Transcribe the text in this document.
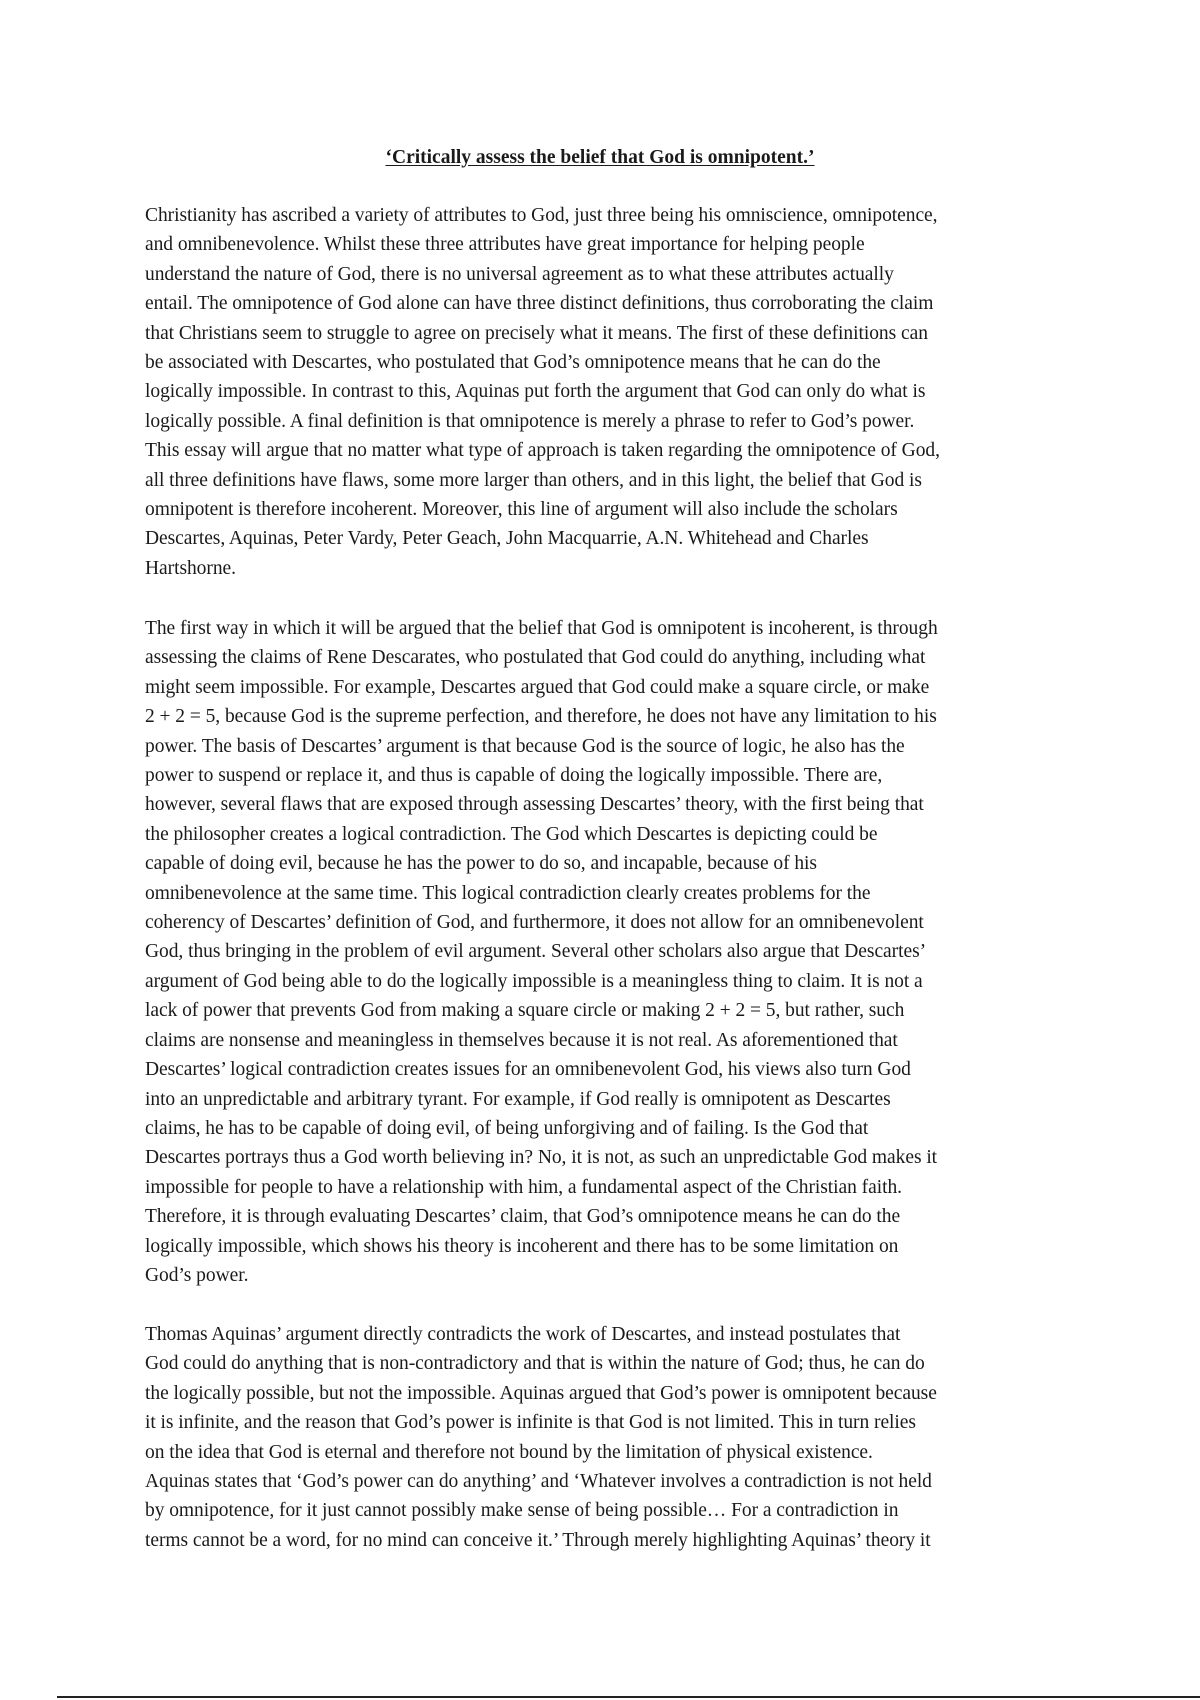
‘Critically assess the belief that God is omnipotent.’

Christianity has ascribed a variety of attributes to God, just three being his omniscience, omnipotence,
and omnibenevolence. Whilst these three attributes have great importance for helping people
understand the nature of God, there is no universal agreement as to what these attributes actually
entail. The omnipotence of God alone can have three distinct definitions, thus corroborating the claim
that Christians seem to struggle to agree on precisely what it means. The first of these definitions can
be associated with Descartes, who postulated that God’s omnipotence means that he can do the
logically impossible. In contrast to this, Aquinas put forth the argument that God can only do what is
logically possible. A final definition is that omnipotence is merely a phrase to refer to God’s power.
This essay will argue that no matter what type of approach is taken regarding the omnipotence of God,
all three definitions have flaws, some more larger than others, and in this light, the belief that God is
omnipotent is therefore incoherent. Moreover, this line of argument will also include the scholars
Descartes, Aquinas, Peter Vardy, Peter Geach, John Macquarrie, A.N. Whitehead and Charles
Hartshorne.

The first way in which it will be argued that the belief that God is omnipotent is incoherent, is through
assessing the claims of Rene Descarates, who postulated that God could do anything, including what
might seem impossible. For example, Descartes argued that God could make a square circle, or make
2 + 2 = 5, because God is the supreme perfection, and therefore, he does not have any limitation to his
power. The basis of Descartes’ argument is that because God is the source of logic, he also has the
power to suspend or replace it, and thus is capable of doing the logically impossible. There are,
however, several flaws that are exposed through assessing Descartes’ theory, with the first being that
the philosopher creates a logical contradiction. The God which Descartes is depicting could be
capable of doing evil, because he has the power to do so, and incapable, because of his
omnibenevolence at the same time. This logical contradiction clearly creates problems for the
coherency of Descartes’ definition of God, and furthermore, it does not allow for an omnibenevolent
God, thus bringing in the problem of evil argument. Several other scholars also argue that Descartes’
argument of God being able to do the logically impossible is a meaningless thing to claim. It is not a
lack of power that prevents God from making a square circle or making 2 + 2 = 5, but rather, such
claims are nonsense and meaningless in themselves because it is not real. As aforementioned that
Descartes’ logical contradiction creates issues for an omnibenevolent God, his views also turn God
into an unpredictable and arbitrary tyrant. For example, if God really is omnipotent as Descartes
claims, he has to be capable of doing evil, of being unforgiving and of failing. Is the God that
Descartes portrays thus a God worth believing in? No, it is not, as such an unpredictable God makes it
impossible for people to have a relationship with him, a fundamental aspect of the Christian faith.
Therefore, it is through evaluating Descartes’ claim, that God’s omnipotence means he can do the
logically impossible, which shows his theory is incoherent and there has to be some limitation on
God’s power.

Thomas Aquinas’ argument directly contradicts the work of Descartes, and instead postulates that
God could do anything that is non-contradictory and that is within the nature of God; thus, he can do
the logically possible, but not the impossible. Aquinas argued that God’s power is omnipotent because
it is infinite, and the reason that God’s power is infinite is that God is not limited. This in turn relies
on the idea that God is eternal and therefore not bound by the limitation of physical existence.
Aquinas states that ‘God’s power can do anything’ and ‘Whatever involves a contradiction is not held
by omnipotence, for it just cannot possibly make sense of being possible… For a contradiction in
terms cannot be a word, for no mind can conceive it.’ Through merely highlighting Aquinas’ theory it
